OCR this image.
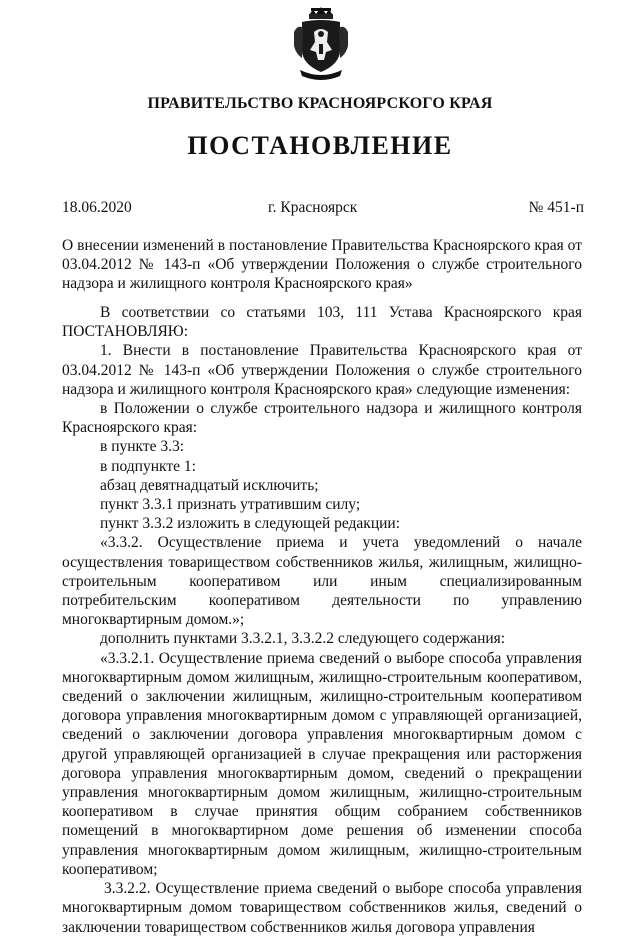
ПРАВИТЕЛЬСТВО КРАСНОЯРСКОГО КРАЯ
ПОСТАНОВЛЕНИЕ
18.06.2020	г. Красноярск	№ 451-п
О внесении изменений в постановление Правительства Красноярского края от 03.04.2012 № 143-п «Об утверждении Положения о службе строительного надзора и жилищного контроля Красноярского края»

В соответствии со статьями 103, 111 Устава Красноярского края ПОСТАНОВЛЯЮ:

1. Внести в постановление Правительства Красноярского края от 03.04.2012 № 143-п «Об утверждении Положения о службе строительного надзора и жилищного контроля Красноярского края» следующие изменения:

в Положении о службе строительного надзора и жилищного контроля Красноярского края:

в пункте 3.3:

в подпункте 1:

абзац девятнадцатый исключить;

пункт 3.3.1 признать утратившим силу;

пункт 3.3.2 изложить в следующей редакции:

«3.3.2. Осуществление приема и учета уведомлений о начале осуществления товариществом собственников жилья, жилищным, жилищно-строительным кооперативом или иным специализированным потребительским кооперативом деятельности по управлению многоквартирным домом.»;

дополнить пунктами 3.3.2.1, 3.3.2.2 следующего содержания:

«3.3.2.1. Осуществление приема сведений о выборе способа управления многоквартирным домом жилищным, жилищно-строительным кооперативом, сведений о заключении жилищным, жилищно-строительным кооперативом договора управления многоквартирным домом с управляющей организацией, сведений о заключении договора управления многоквартирным домом с другой управляющей организацией в случае прекращения или расторжения договора управления многоквартирным домом, сведений о прекращении управления многоквартирным домом жилищным, жилищно-строительным кооперативом в случае принятия общим собранием собственников помещений в многоквартирном доме решения об изменении способа управления многоквартирным домом жилищным, жилищно-строительным кооперативом;

3.3.2.2. Осуществление приема сведений о выборе способа управления многоквартирным домом товариществом собственников жилья, сведений о заключении товариществом собственников жилья договора управления
